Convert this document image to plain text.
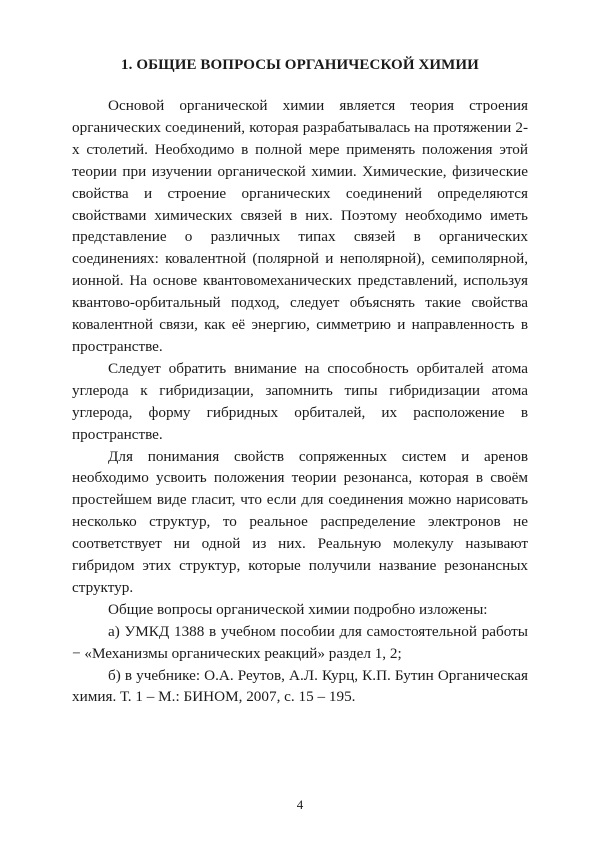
1. ОБЩИЕ ВОПРОСЫ ОРГАНИЧЕСКОЙ ХИМИИ

Основой органической химии является теория строения органических соединений, которая разрабатывалась на протяжении 2-х столетий. Необходимо в полной мере применять положения этой теории при изучении органической химии. Химические, физические свойства и строение органических соединений определяются свойствами химических связей в них. Поэтому необходимо иметь представление о различных типах связей в органических соединениях: ковалентной (полярной и неполярной), семиполярной, ионной. На основе квантовомеханических представлений, используя квантово-орбитальный подход, следует объяснять такие свойства ковалентной связи, как её энергию, симметрию и направленность в пространстве.

Следует обратить внимание на способность орбиталей атома углерода к гибридизации, запомнить типы гибридизации атома углерода, форму гибридных орбиталей, их расположение в пространстве.

Для понимания свойств сопряженных систем и аренов необходимо усвоить положения теории резонанса, которая в своём простейшем виде гласит, что если для соединения можно нарисовать несколько структур, то реальное распределение электронов не соответствует ни одной из них. Реальную молекулу называют гибридом этих структур, которые получили название резонансных структур.

Общие вопросы органической химии подробно изложены:

а) УМКД 1388 в учебном пособии для самостоятельной работы − «Механизмы органических реакций» раздел 1, 2;

б) в учебнике: О.А. Реутов, А.Л. Курц, К.П. Бутин Органическая химия. Т. 1 – М.: БИНОМ, 2007, с. 15 – 195.

4
